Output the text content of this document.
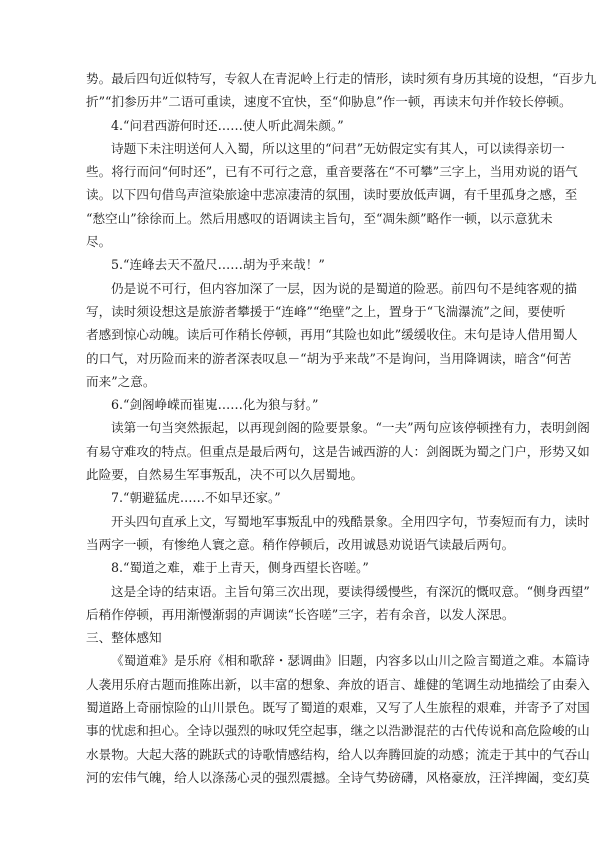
势。最后四句近似特写，专叙人在青泥岭上行走的情形，读时须有身历其境的设想，“百步九
折”“扪参历井”二语可重读，速度不宜快，至“仰胁息”作一顿，再读末句并作较长停顿。
4.“问君西游何时还……使人听此凋朱颜。”
诗题下未注明送何人入蜀，所以这里的“问君”无妨假定实有其人，可以读得亲切一
些。将行而问“何时还”，已有不可行之意，重音要落在“不可攀”三字上，当用劝说的语气
读。以下四句借鸟声渲染旅途中悲凉凄清的氛围，读时要放低声调，有千里孤身之感，至
“愁空山”徐徐而上。然后用感叹的语调读主旨句，至“凋朱颜”略作一顿，以示意犹未
尽。
5.“连峰去天不盈尺……胡为乎来哉！”
仍是说不可行，但内容加深了一层，因为说的是蜀道的险恶。前四句不是纯客观的描
写，读时须设想这是旅游者攀援于“连峰”“绝壁”之上，置身于“飞湍瀑流”之间，要使听
者感到惊心动魄。读后可作稍长停顿，再用“其险也如此”缓缓收住。末句是诗人借用蜀人
的口气，对历险而来的游者深表叹息－“胡为乎来哉”不是询问，当用降调读，暗含“何苦
而来”之意。
6.“剑阁峥嵘而崔嵬……化为狼与豺。”
读第一句当突然振起，以再现剑阁的险要景象。“一夫”两句应该停顿挫有力，表明剑阁
有易守难攻的特点。但重点是最后两句，这是告诫西游的人：剑阁既为蜀之门户，形势又如
此险要，自然易生军事叛乱，决不可以久居蜀地。
7.“朝避猛虎……不如早还家。”
开头四句直承上文，写蜀地军事叛乱中的残酷景象。全用四字句，节奏短而有力，读时
当两字一顿，有惨绝人寰之意。稍作停顿后，改用诚恳劝说语气读最后两句。
8.“蜀道之难，难于上青天，侧身西望长咨嗟。”
这是全诗的结束语。主旨句第三次出现，要读得缓慢些，有深沉的慨叹意。“侧身西望”
后稍作停顿，再用渐慢渐弱的声调读“长咨嗟”三字，若有余音，以发人深思。
三、整体感知
《蜀道难》是乐府《相和歌辞・瑟调曲》旧题，内容多以山川之险言蜀道之难。本篇诗
人袭用乐府古题而推陈出新，以丰富的想象、奔放的语言、雄健的笔调生动地描绘了由秦入
蜀道路上奇丽惊险的山川景色。既写了蜀道的艰难，又写了人生旅程的艰难，并寄予了对国
事的忧虑和担心。全诗以强烈的咏叹凭空起事，继之以浩渺混茫的古代传说和高危险峻的山
水景物。大起大落的跳跃式的诗歌情感结构，给人以奔腾回旋的动感；流走于其中的气吞山
河的宏伟气魄，给人以涤荡心灵的强烈震撼。全诗气势磅礴，风格豪放，汪洋捭阖，变幻莫
